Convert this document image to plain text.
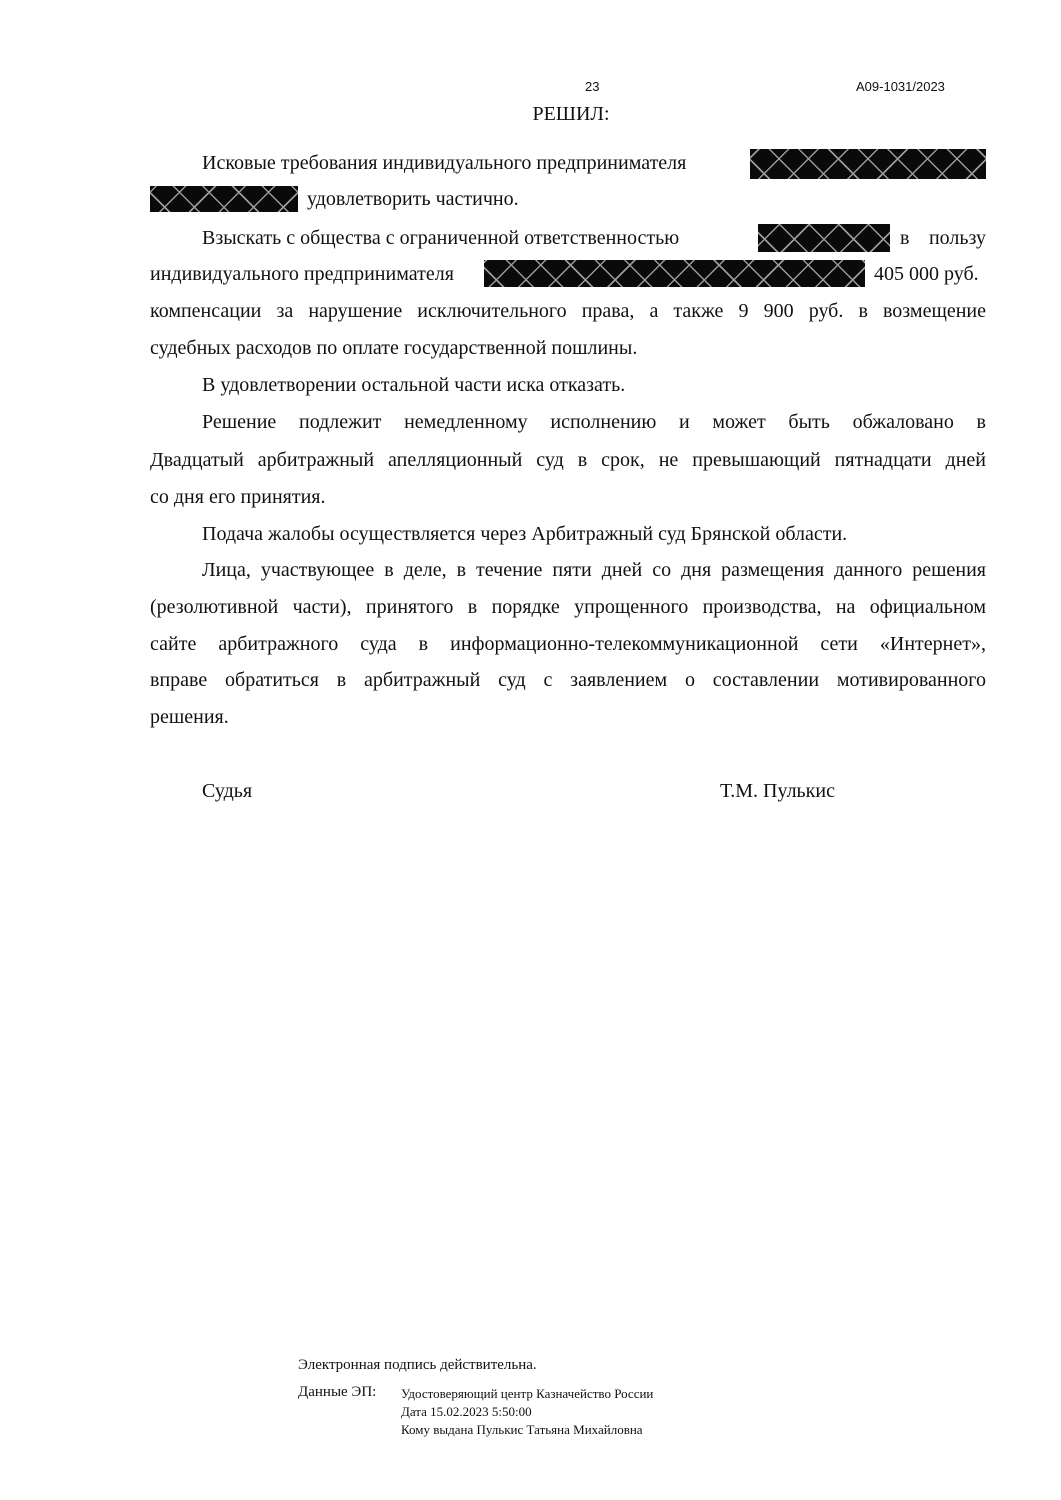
23	А09-1031/2023
РЕШИЛ:
Исковые требования индивидуального предпринимателя
удовлетворить частично.
Взыскать с общества с ограниченной ответственностью	в пользу
индивидуального предпринимателя	405 000 руб.
компенсации за нарушение исключительного права, а также 9 900 руб. в возмещение
судебных расходов по оплате государственной пошлины.
В удовлетворении остальной части иска отказать.
Решение подлежит немедленному исполнению и может быть обжаловано в
Двадцатый арбитражный апелляционный суд в срок, не превышающий пятнадцати дней
со дня его принятия.
Подача жалобы осуществляется через Арбитражный суд Брянской области.
Лица, участвующее в деле, в течение пяти дней со дня размещения данного решения
(резолютивной части), принятого в порядке упрощенного производства, на официальном
сайте арбитражного суда в информационно-телекоммуникационной сети «Интернет»,
вправе обратиться в арбитражный суд с заявлением о составлении мотивированного
решения.
Судья	Т.М. Пулькис
Электронная подпись действительна.
Данные ЭП: Удостоверяющий центр Казначейство России
Дата 15.02.2023 5:50:00
Кому выдана Пулькис Татьяна Михайловна
